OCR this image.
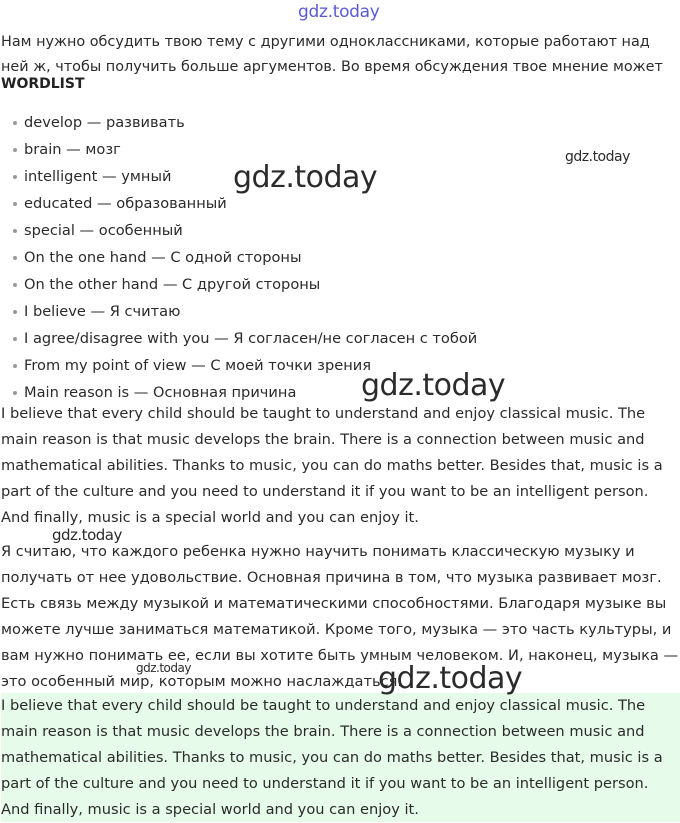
gdz.today
Нам нужно обсудить твою тему с другими одноклассниками, которые работают над ней ж, чтобы получить больше аргументов. Во время обсуждения твое мнение может
WORDLIST
develop — развивать
brain — мозг
intelligent — умный
educated — образованный
special — особенный
On the one hand — С одной стороны
On the other hand — С другой стороны
I believe — Я считаю
I agree/disagree with you — Я согласен/не согласен с тобой
From my point of view — С моей точки зрения
Main reason is — Основная причина

I believe that every child should be taught to understand and enjoy classical music. The main reason is that music develops the brain. There is a connection between music and mathematical abilities. Thanks to music, you can do maths better. Besides that, music is a part of the culture and you need to understand it if you want to be an intelligent person. And finally, music is a special world and you can enjoy it.

Я считаю, что каждого ребенка нужно научить понимать классическую музыку и получать от нее удовольствие. Основная причина в том, что музыка развивает мозг. Есть связь между музыкой и математическими способностями. Благодаря музыке вы можете лучше заниматься математикой. Кроме того, музыка — это часть культуры, и вам нужно понимать ее, если вы хотите быть умным человеком. И, наконец, музыка — это особенный мир, которым можно наслаждаться.

I believe that every child should be taught to understand and enjoy classical music. The main reason is that music develops the brain. There is a connection between music and mathematical abilities. Thanks to music, you can do maths better. Besides that, music is a part of the culture and you need to understand it if you want to be an intelligent person. And finally, music is a special world and you can enjoy it.

gdz.today
gdz.today
gdz.today
gdz.today
gdz.today	gdz.today
